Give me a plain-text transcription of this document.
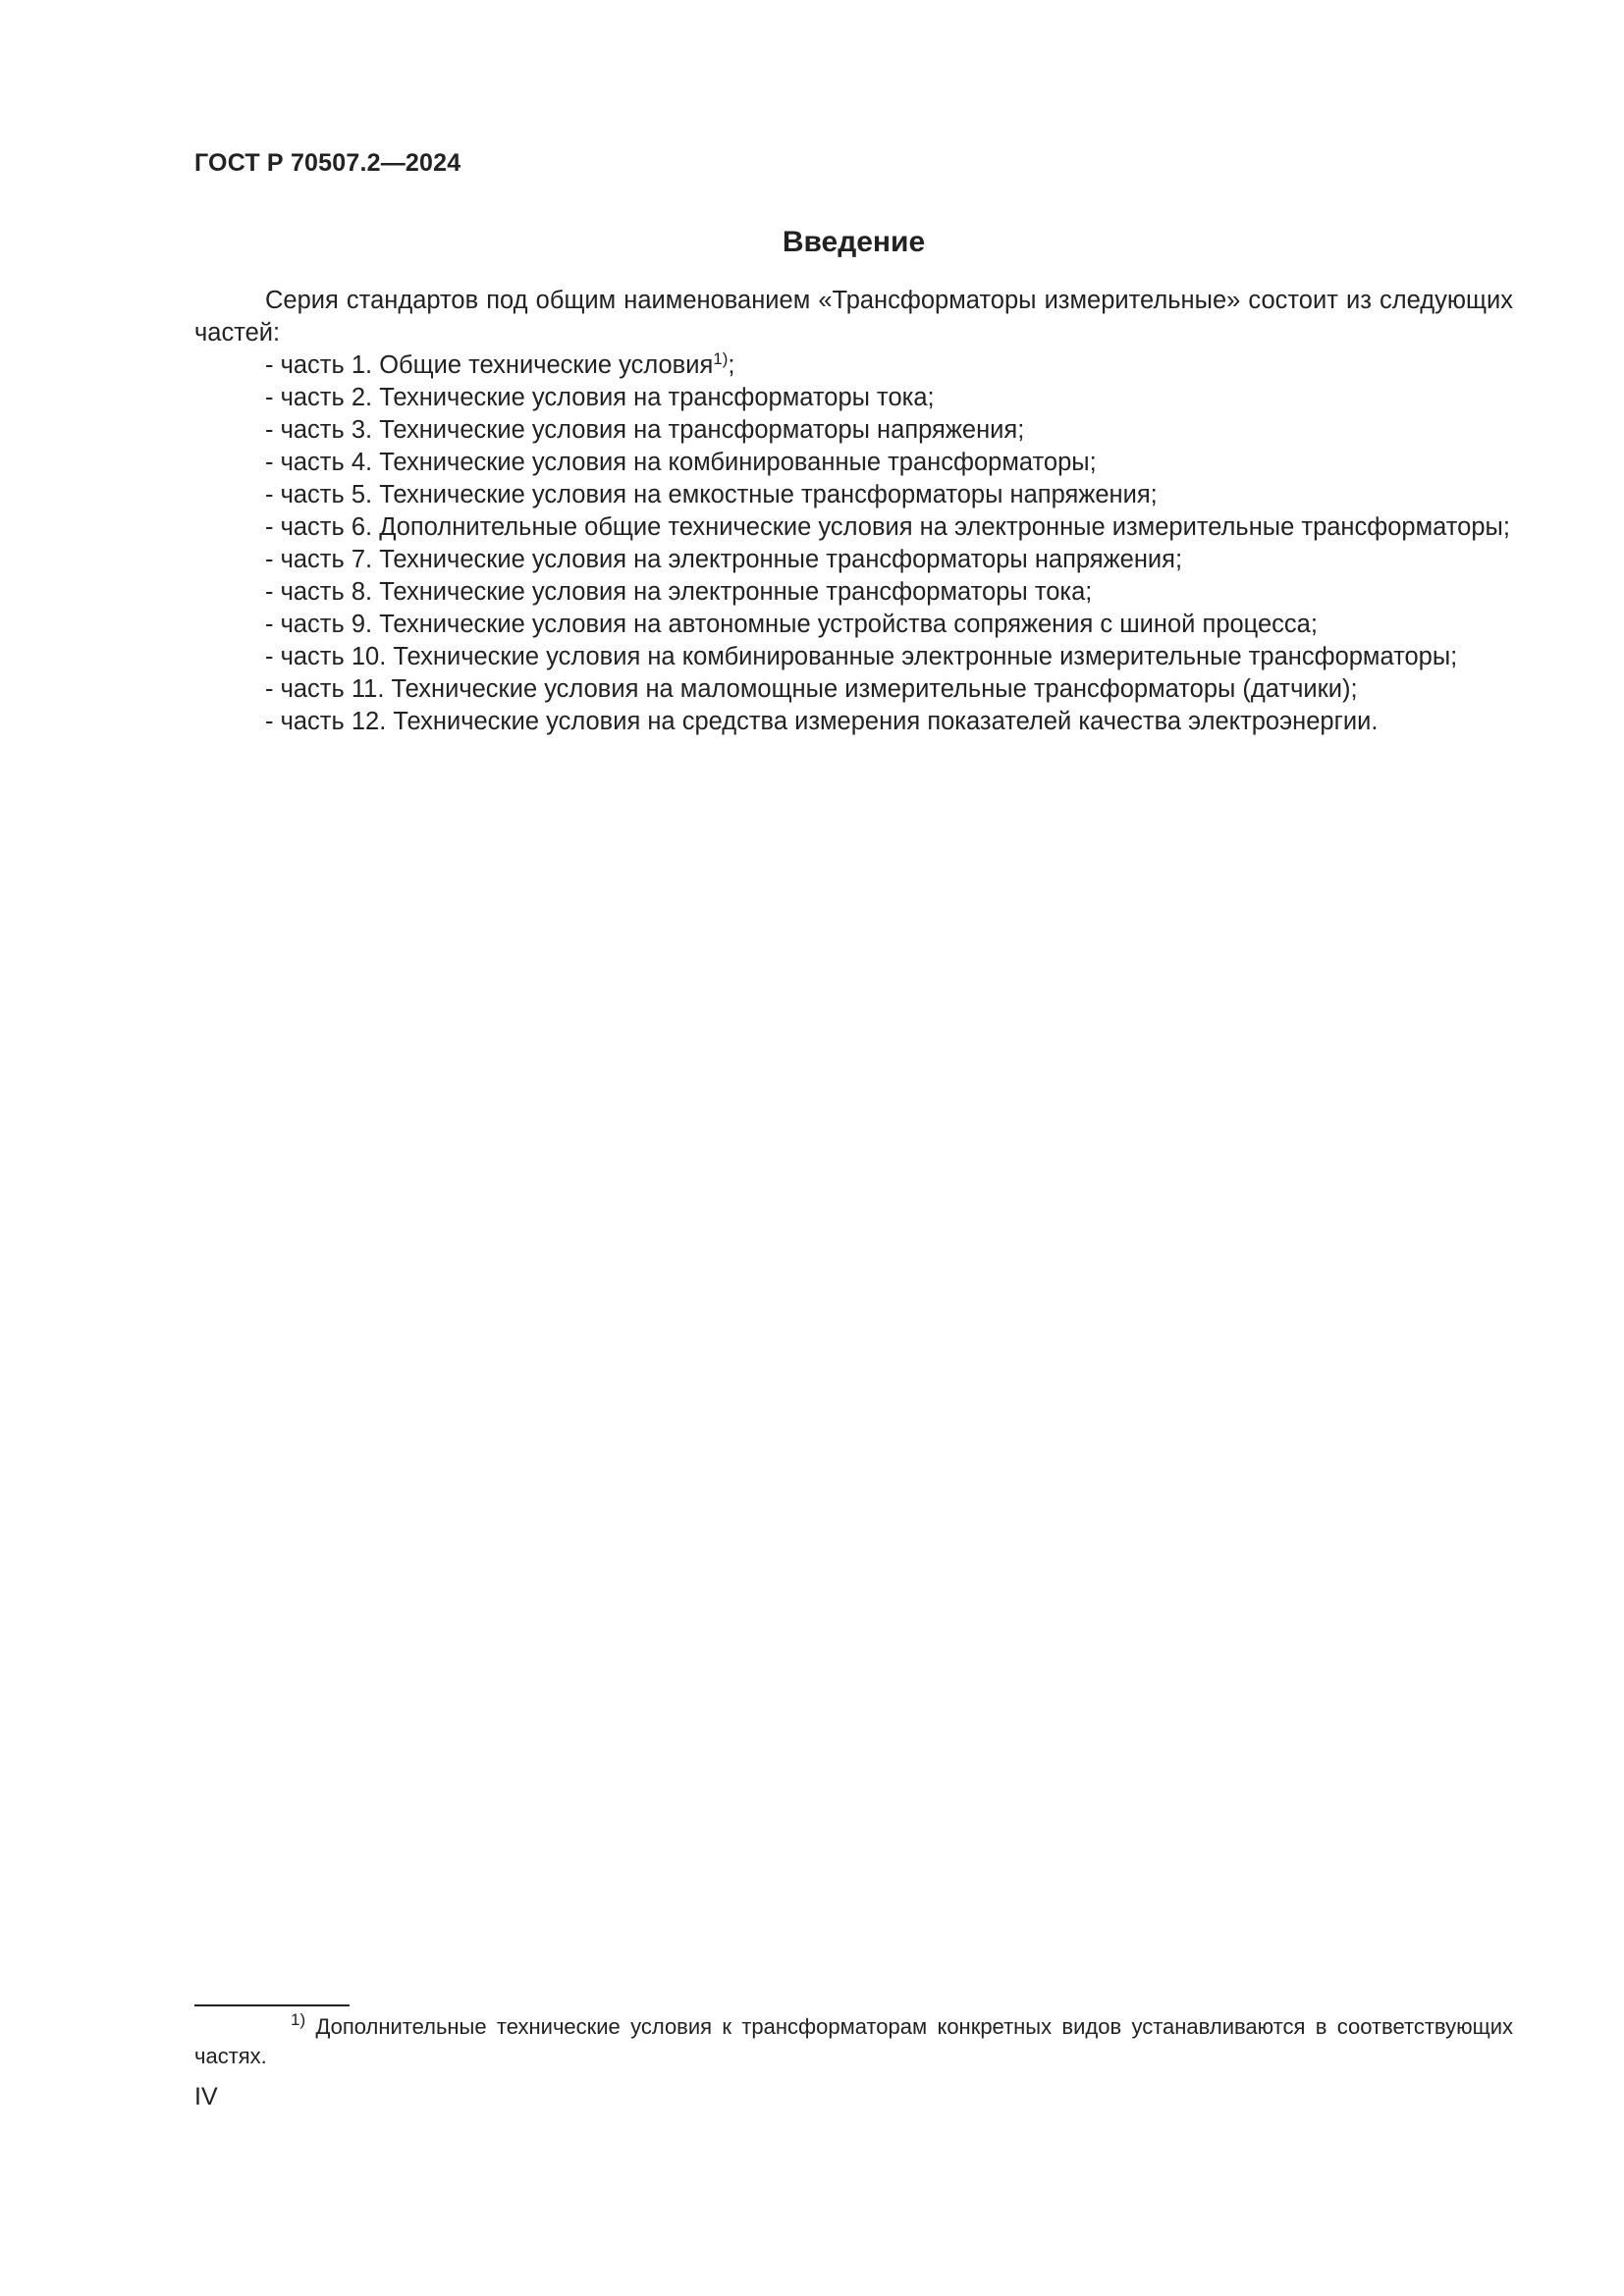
ГОСТ Р 70507.2—2024
Введение

Серия стандартов под общим наименованием «Трансформаторы измерительные» состоит из следующих частей:

- часть 1. Общие технические условия$^{1)}$;
- часть 2. Технические условия на трансформаторы тока;
- часть 3. Технические условия на трансформаторы напряжения;
- часть 4. Технические условия на комбинированные трансформаторы;
- часть 5. Технические условия на емкостные трансформаторы напряжения;
- часть 6. Дополнительные общие технические условия на электронные измерительные трансформаторы;
- часть 7. Технические условия на электронные трансформаторы напряжения;
- часть 8. Технические условия на электронные трансформаторы тока;
- часть 9. Технические условия на автономные устройства сопряжения с шиной процесса;
- часть 10. Технические условия на комбинированные электронные измерительные трансформаторы;
- часть 11. Технические условия на маломощные измерительные трансформаторы (датчики);
- часть 12. Технические условия на средства измерения показателей качества электроэнергии.

$^{1)}$ Дополнительные технические условия к трансформаторам конкретных видов устанавливаются в соответствующих частях.

IV
